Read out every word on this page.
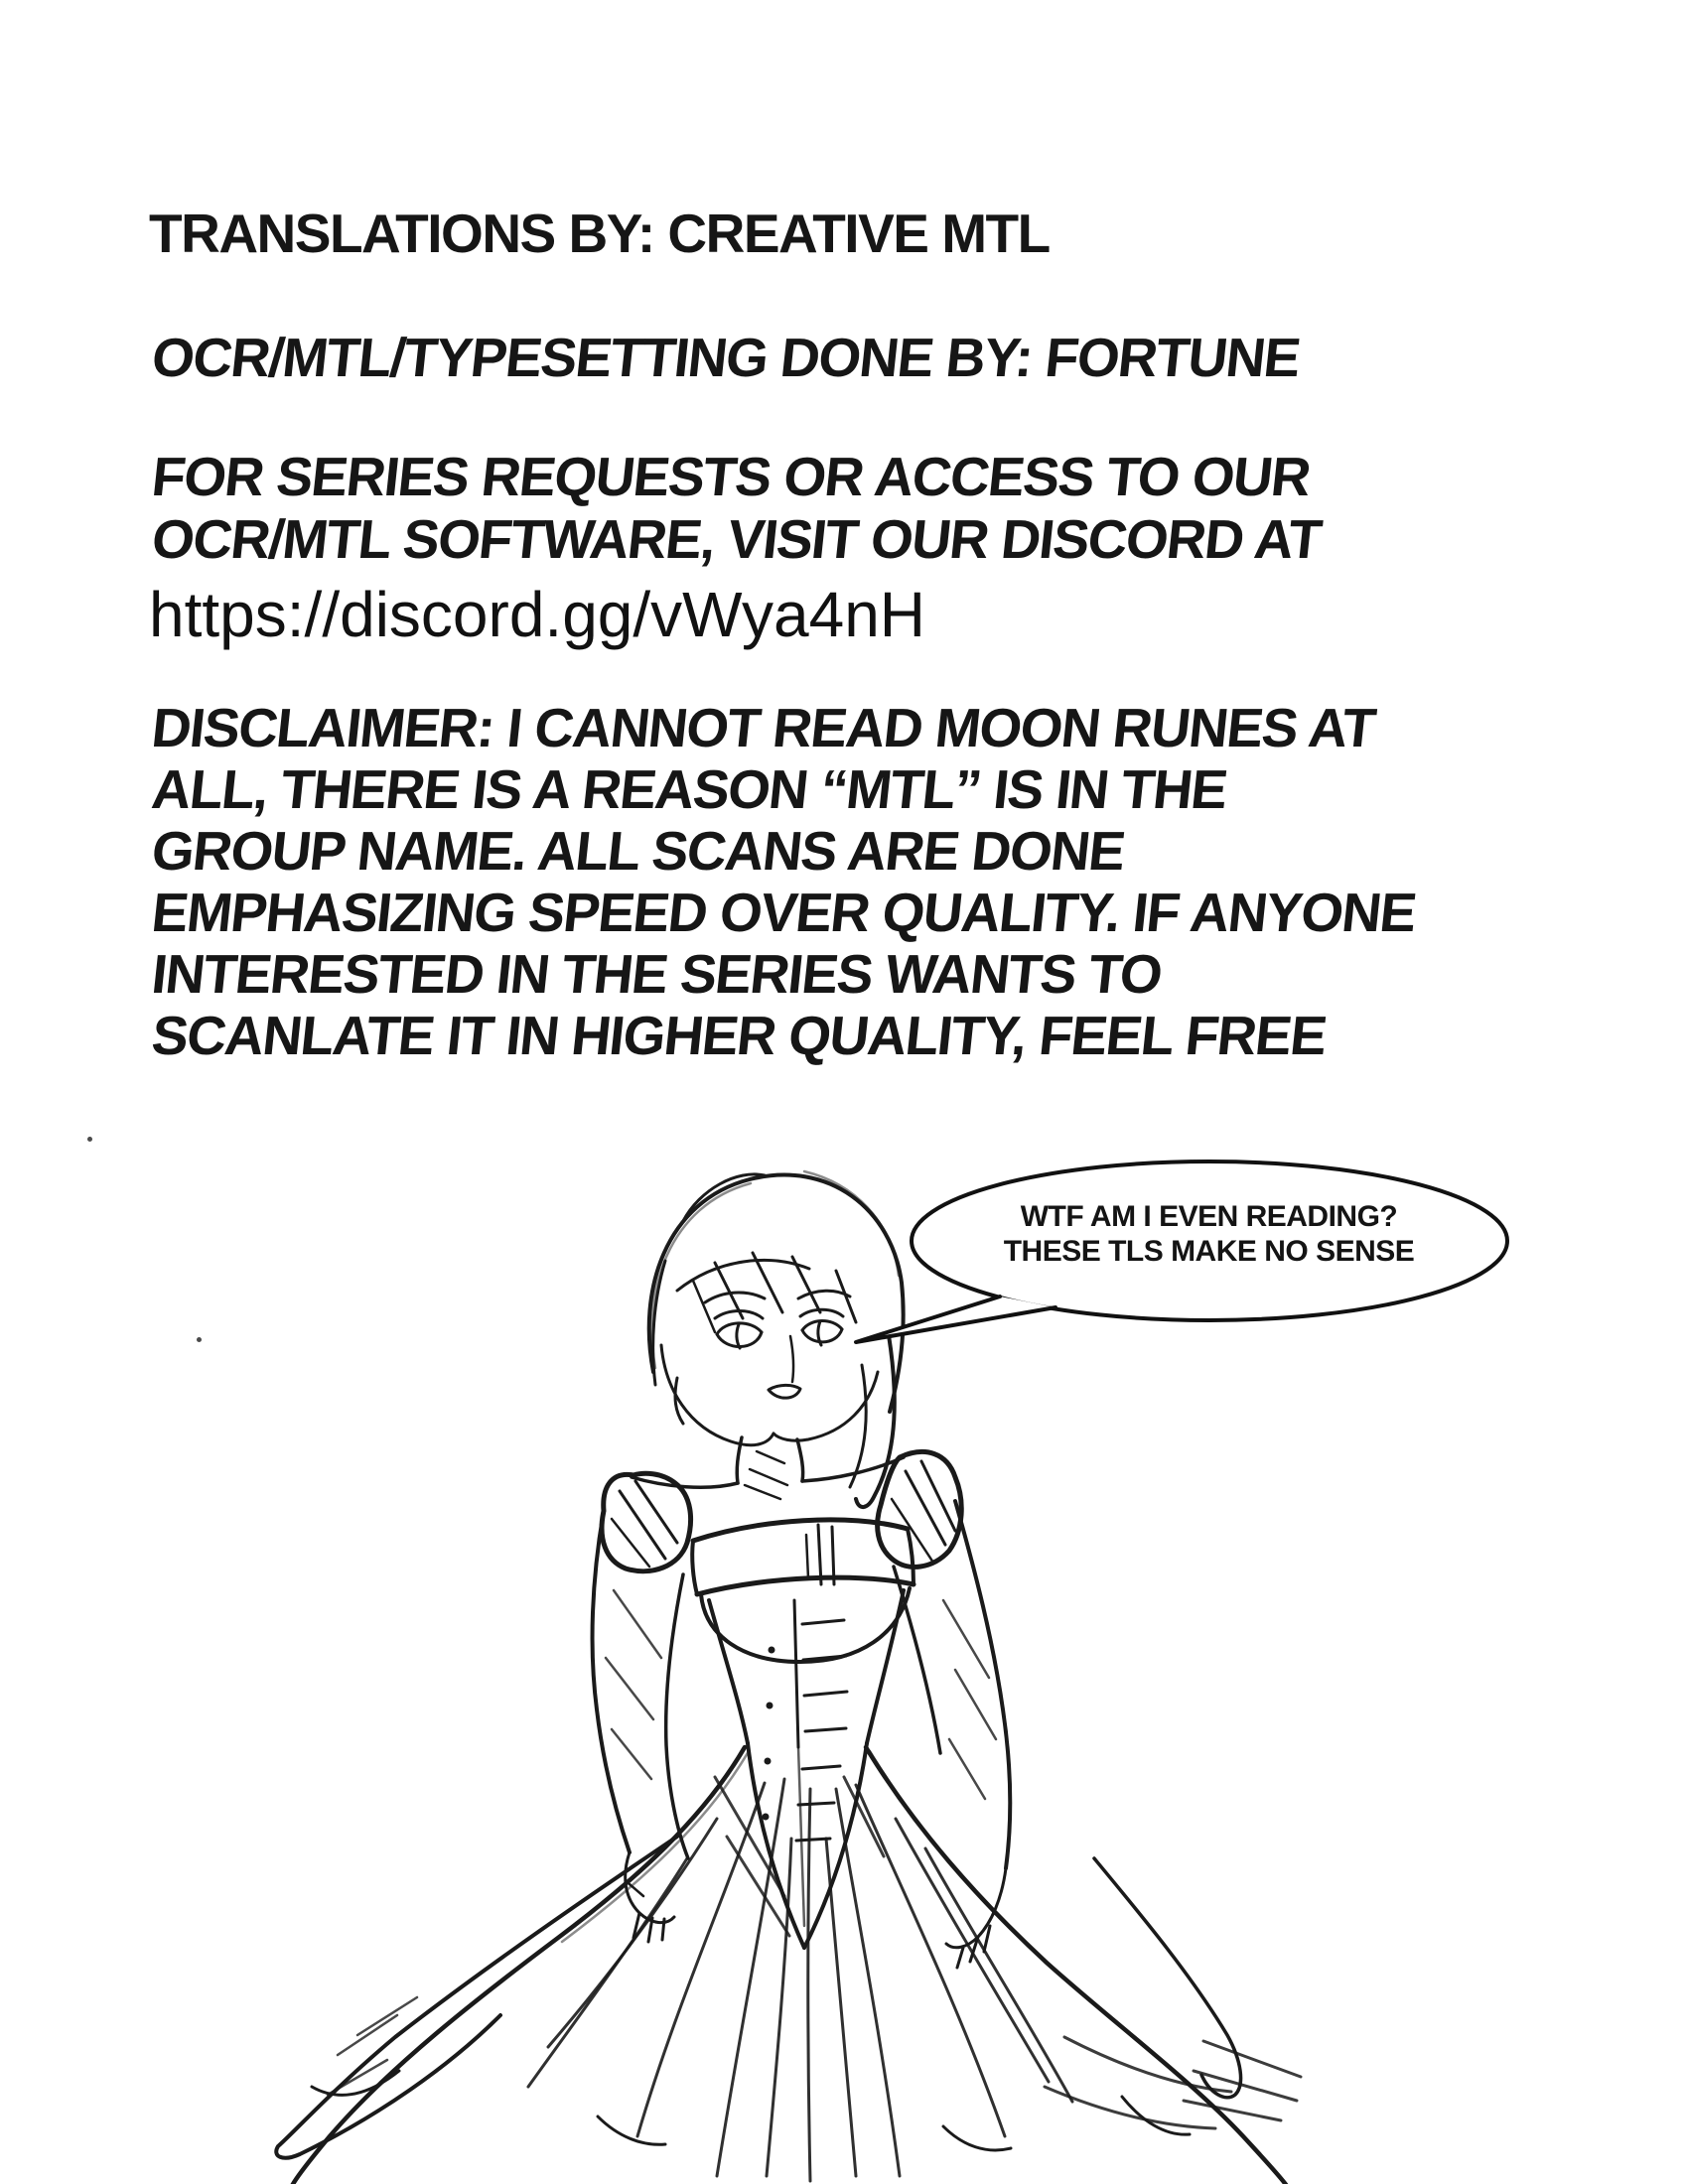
TRANSLATIONS BY: CREATIVE MTL
OCR/MTL/TYPESETTING DONE BY: FORTUNE
FOR SERIES REQUESTS OR ACCESS TO OUR
OCR/MTL SOFTWARE, VISIT OUR DISCORD AT
https://discord.gg/vWya4nH
DISCLAIMER: I CANNOT READ MOON RUNES AT
ALL, THERE IS A REASON “MTL” IS IN THE
GROUP NAME. ALL SCANS ARE DONE
EMPHASIZING SPEED OVER QUALITY. IF ANYONE
INTERESTED IN THE SERIES WANTS TO
SCANLATE IT IN HIGHER QUALITY, FEEL FREE
WTF AM I EVEN READING?
THESE TLS MAKE NO SENSE
